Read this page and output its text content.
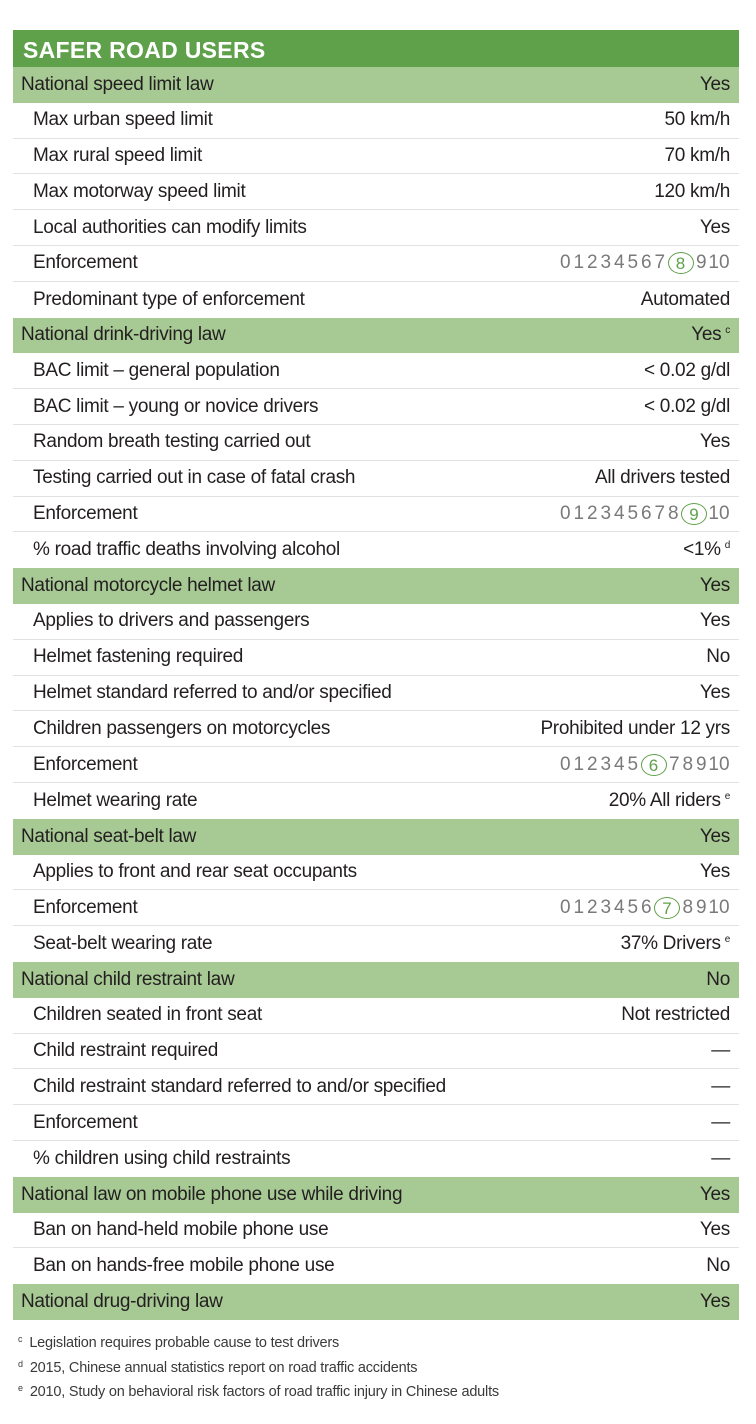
SAFER ROAD USERS
National speed limit law	Yes
Max urban speed limit	50 km/h
Max rural speed limit	70 km/h
Max motorway speed limit	120 km/h
Local authorities can modify limits	Yes
Enforcement	0 1 2 3 4 5 6 7 8 9 10
Predominant type of enforcement	Automated
National drink-driving law	Yes $^c$
BAC limit – general population	< 0.02 g/dl
BAC limit – young or novice drivers	< 0.02 g/dl
Random breath testing carried out	Yes
Testing carried out in case of fatal crash	All drivers tested
Enforcement	0 1 2 3 4 5 6 7 8 9 10
% road traffic deaths involving alcohol	<1% $^d$
National motorcycle helmet law	Yes
Applies to drivers and passengers	Yes
Helmet fastening required	No
Helmet standard referred to and/or specified	Yes
Children passengers on motorcycles	Prohibited under 12 yrs
Enforcement	0 1 2 3 4 5 6 7 8 9 10
Helmet wearing rate	20% All riders $^e$
National seat-belt law	Yes
Applies to front and rear seat occupants	Yes
Enforcement	0 1 2 3 4 5 6 7 8 9 10
Seat-belt wearing rate	37% Drivers $^e$
National child restraint law	No
Children seated in front seat	Not restricted
Child restraint required	—
Child restraint standard referred to and/or specified	—
Enforcement	—
% children using child restraints	—
National law on mobile phone use while driving	Yes
Ban on hand-held mobile phone use	Yes
Ban on hands-free mobile phone use	No
National drug-driving law	Yes
$^c$ Legislation requires probable cause to test drivers
$^d$ 2015, Chinese annual statistics report on road traffic accidents
$^e$ 2010, Study on behavioral risk factors of road traffic injury in Chinese adults
